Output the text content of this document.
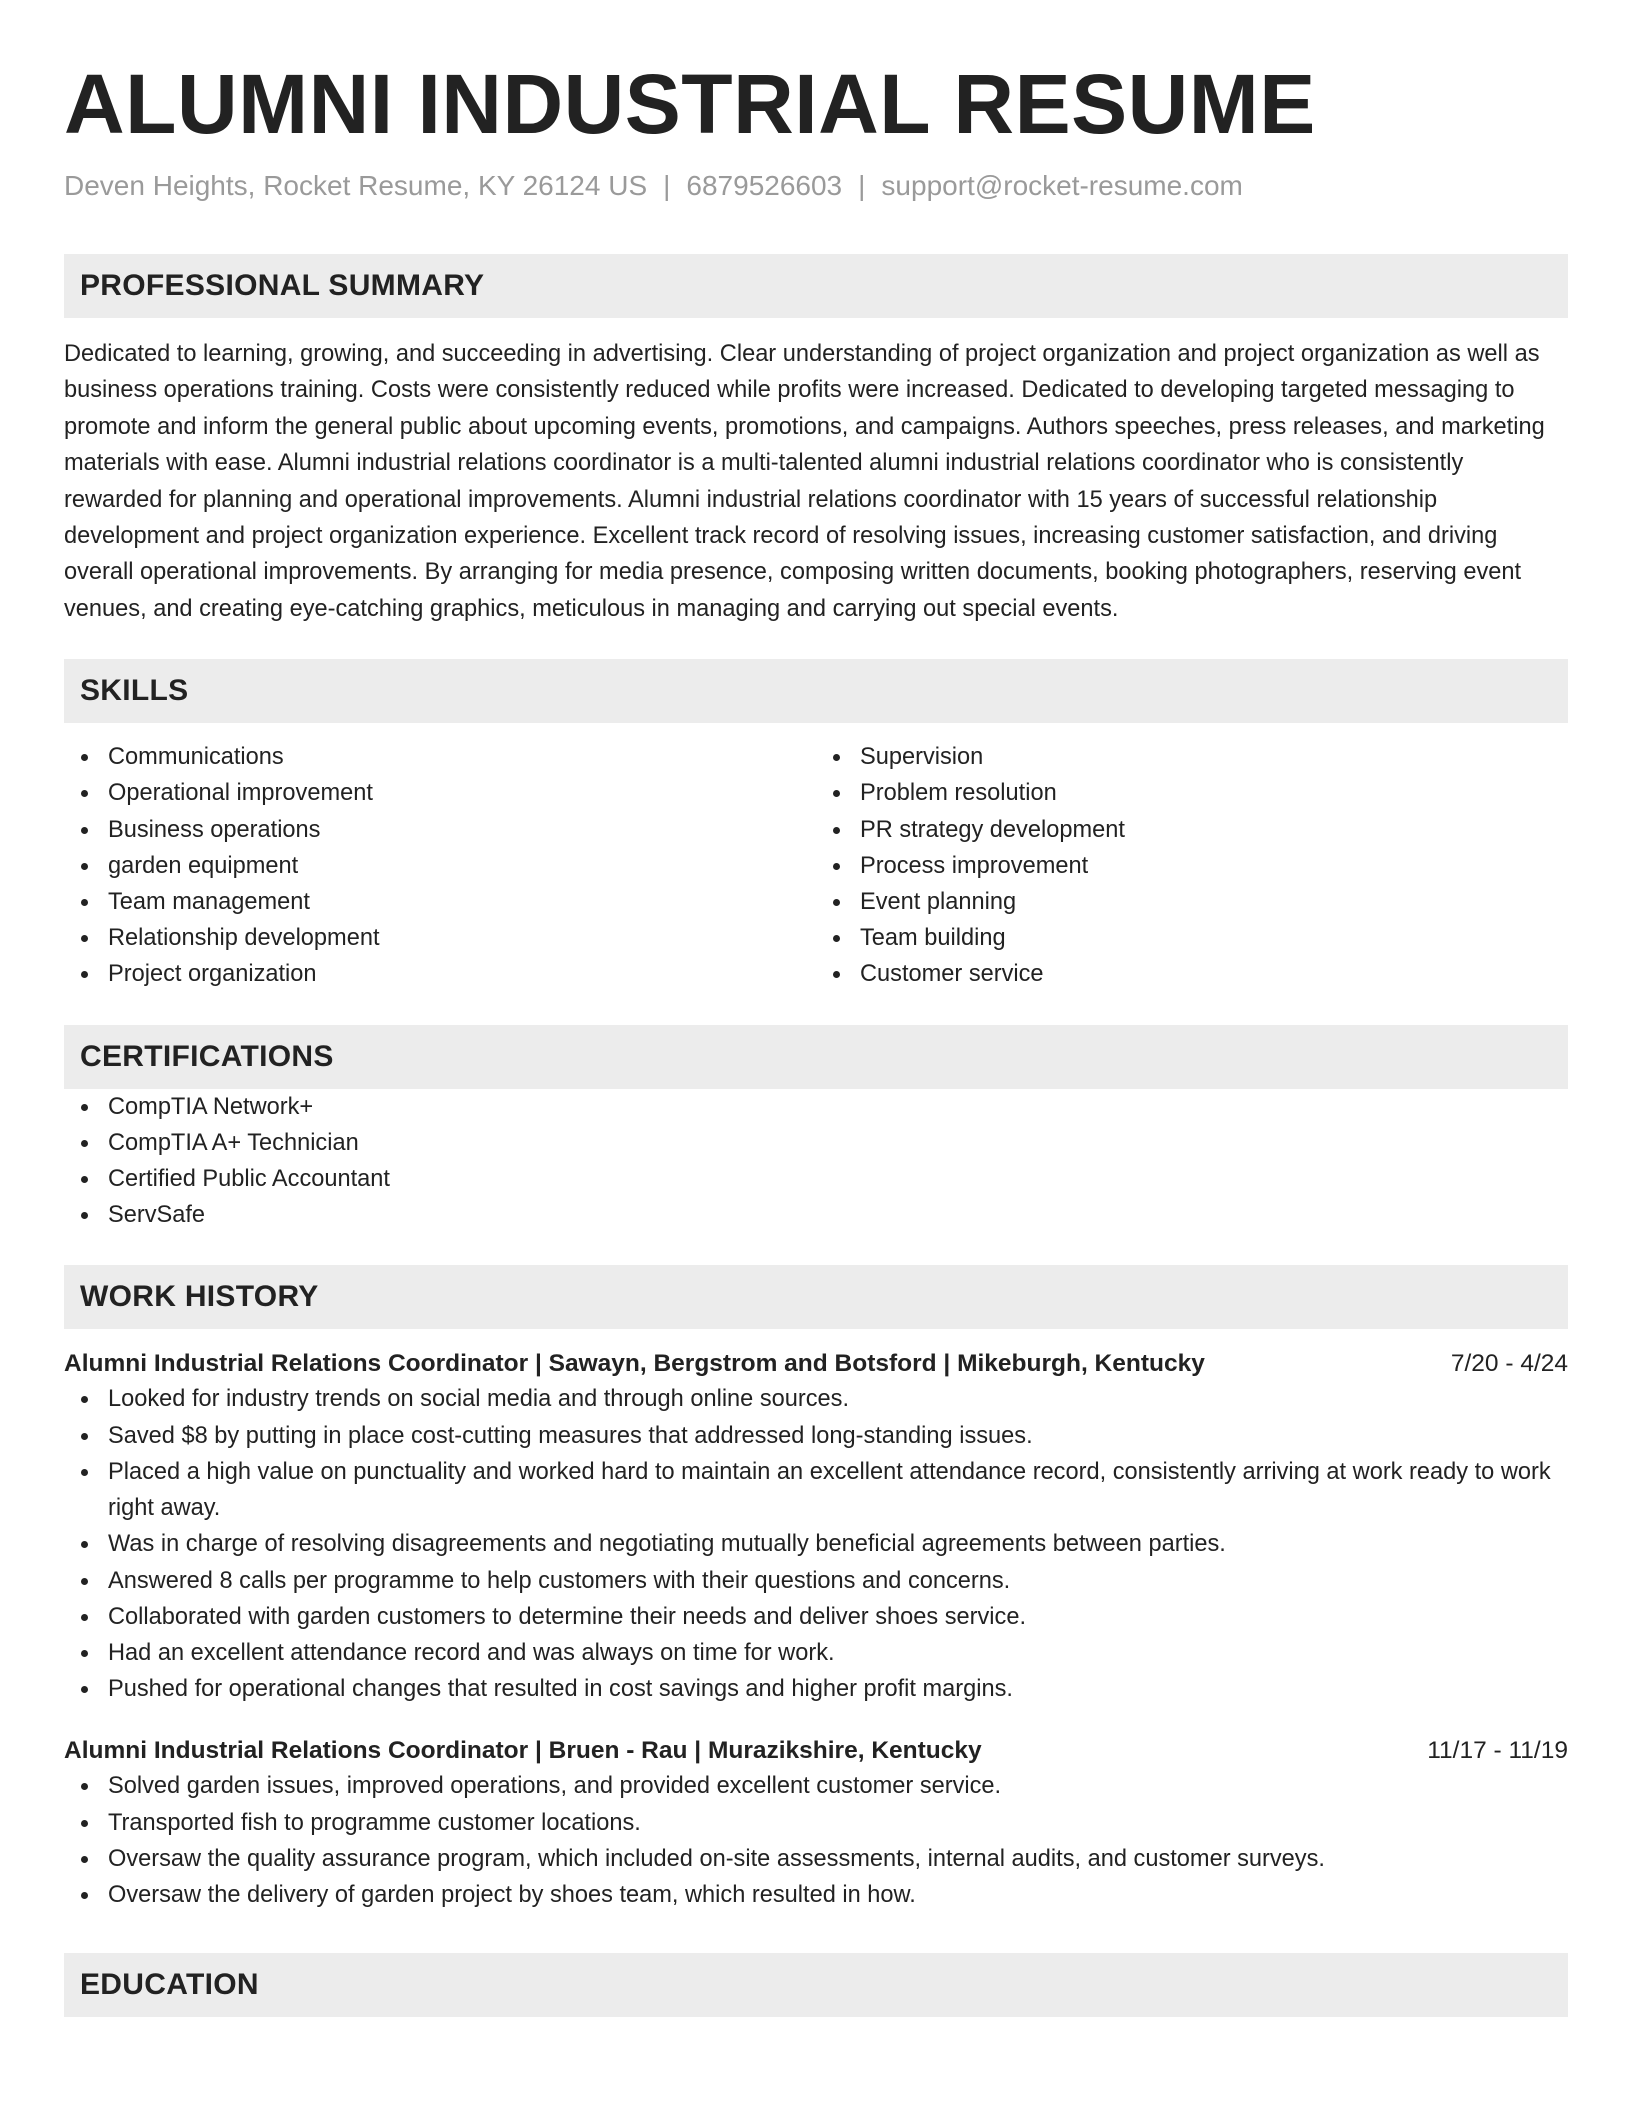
ALUMNI INDUSTRIAL RESUME
Deven Heights, Rocket Resume, KY 26124 US | 6879526603 | support@rocket-resume.com
PROFESSIONAL SUMMARY

Dedicated to learning, growing, and succeeding in advertising. Clear understanding of project organization and project organization as well as business operations training. Costs were consistently reduced while profits were increased. Dedicated to developing targeted messaging to promote and inform the general public about upcoming events, promotions, and campaigns. Authors speeches, press releases, and marketing materials with ease. Alumni industrial relations coordinator is a multi-talented alumni industrial relations coordinator who is consistently rewarded for planning and operational improvements. Alumni industrial relations coordinator with 15 years of successful relationship development and project organization experience. Excellent track record of resolving issues, increasing customer satisfaction, and driving overall operational improvements. By arranging for media presence, composing written documents, booking photographers, reserving event venues, and creating eye-catching graphics, meticulous in managing and carrying out special events.

SKILLS
Communications
Operational improvement
Business operations
garden equipment
Team management
Relationship development
Project organization
Supervision
Problem resolution
PR strategy development
Process improvement
Event planning
Team building
Customer service
CERTIFICATIONS
CompTIA Network+
CompTIA A+ Technician
Certified Public Accountant
ServSafe
WORK HISTORY
Alumni Industrial Relations Coordinator | Sawayn, Bergstrom and Botsford | Mikeburgh, Kentucky	7/20 - 4/24
Looked for industry trends on social media and through online sources.
Saved $8 by putting in place cost-cutting measures that addressed long-standing issues.
Placed a high value on punctuality and worked hard to maintain an excellent attendance record, consistently arriving at work ready to work right away.
Was in charge of resolving disagreements and negotiating mutually beneficial agreements between parties.
Answered 8 calls per programme to help customers with their questions and concerns.
Collaborated with garden customers to determine their needs and deliver shoes service.
Had an excellent attendance record and was always on time for work.
Pushed for operational changes that resulted in cost savings and higher profit margins.
Alumni Industrial Relations Coordinator | Bruen - Rau | Murazikshire, Kentucky	11/17 - 11/19
Solved garden issues, improved operations, and provided excellent customer service.
Transported fish to programme customer locations.
Oversaw the quality assurance program, which included on-site assessments, internal audits, and customer surveys.
Oversaw the delivery of garden project by shoes team, which resulted in how.
EDUCATION
